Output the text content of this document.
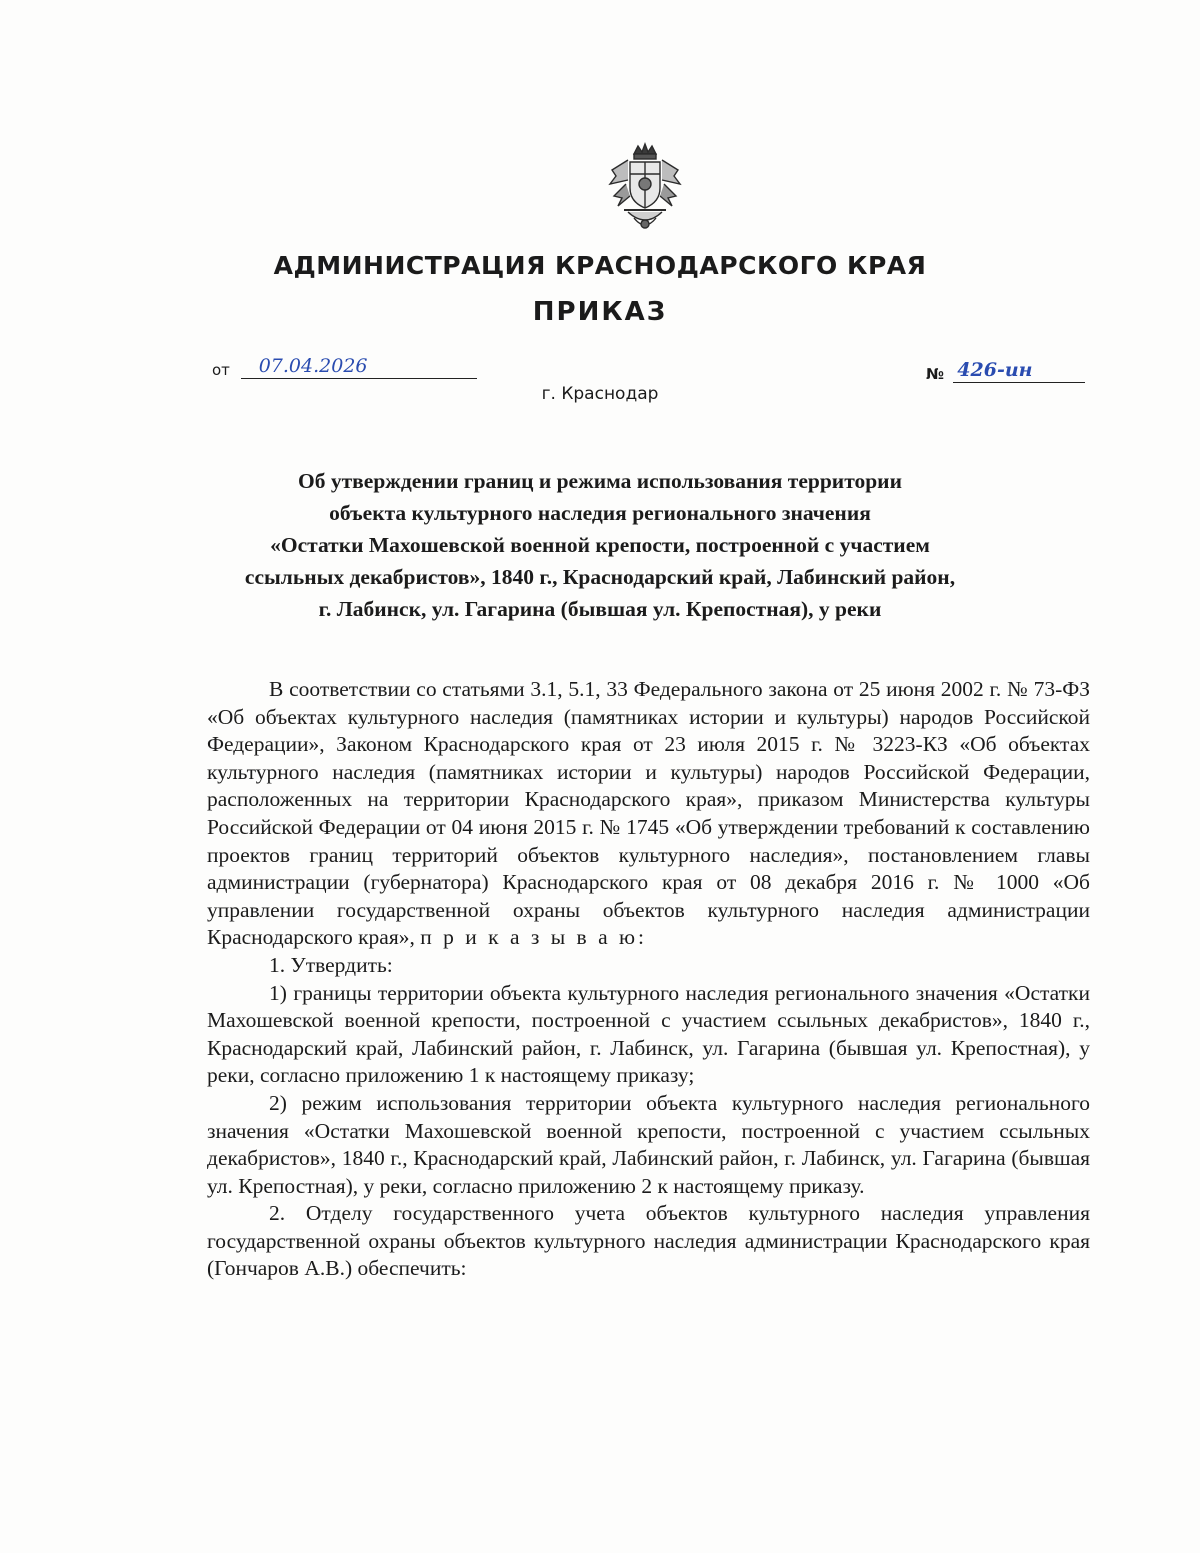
АДМИНИСТРАЦИЯ КРАСНОДАРСКОГО КРАЯ
ПРИКАЗ
от 07.04.2026
г. Краснодар
№ 426-ин
Об утверждении границ и режима использования территории
объекта культурного наследия регионального значения
«Остатки Махошевской военной крепости, построенной с участием
ссыльных декабристов», 1840 г., Краснодарский край, Лабинский район,
г. Лабинск, ул. Гагарина (бывшая ул. Крепостная), у реки

В соответствии со статьями 3.1, 5.1, 33 Федерального закона от 25 июня 2002 г. № 73-ФЗ «Об объектах культурного наследия (памятниках истории и культуры) народов Российской Федерации», Законом Краснодарского края от 23 июля 2015 г. № 3223-КЗ «Об объектах культурного наследия (памятниках истории и культуры) народов Российской Федерации, расположенных на территории Краснодарского края», приказом Министерства культуры Российской Федерации от 04 июня 2015 г. № 1745 «Об утверждении требований к составлению проектов границ территорий объектов культурного наследия», постановлением главы администрации (губернатора) Краснодарского края от 08 декабря 2016 г. № 1000 «Об управлении государственной охраны объектов культурного наследия администрации Краснодарского края», п р и к а з ы в а ю:

1. Утвердить:

1) границы территории объекта культурного наследия регионального значения «Остатки Махошевской военной крепости, построенной с участием ссыльных декабристов», 1840 г., Краснодарский край, Лабинский район, г. Лабинск, ул. Гагарина (бывшая ул. Крепостная), у реки, согласно приложению 1 к настоящему приказу;

2) режим использования территории объекта культурного наследия регионального значения «Остатки Махошевской военной крепости, построенной с участием ссыльных декабристов», 1840 г., Краснодарский край, Лабинский район, г. Лабинск, ул. Гагарина (бывшая ул. Крепостная), у реки, согласно приложению 2 к настоящему приказу.

2. Отделу государственного учета объектов культурного наследия управления государственной охраны объектов культурного наследия администрации Краснодарского края (Гончаров А.В.) обеспечить:
